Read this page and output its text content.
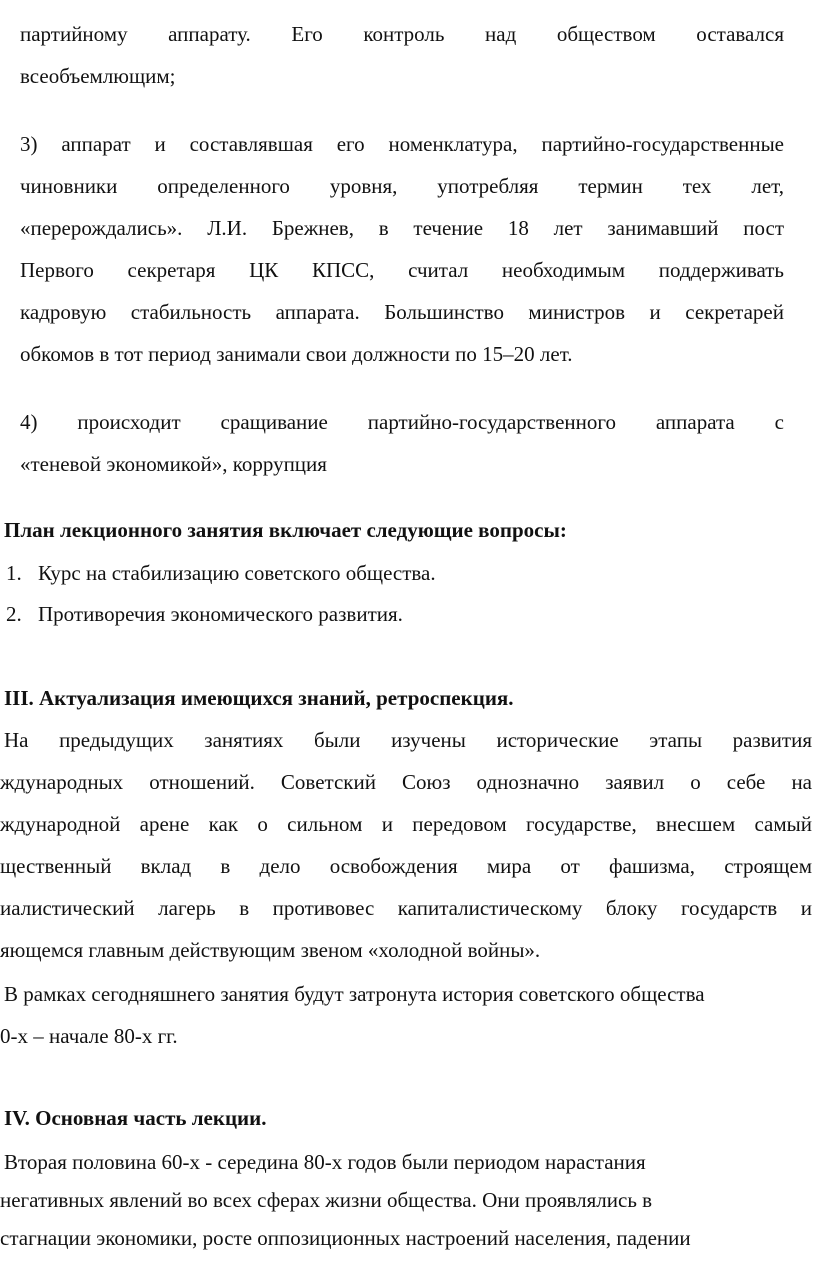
партийному аппарату. Его контроль над обществом оставался

всеобъемлющим;

3) аппарат и составлявшая его номенклатура, партийно-государственные

чиновники определенного уровня, употребляя термин тех лет,

«перерождались». Л.И. Брежнев, в течение 18 лет занимавший пост

Первого секретаря ЦК КПСС, считал необходимым поддерживать

кадровую стабильность аппарата. Большинство министров и секретарей

обкомов в тот период занимали свои должности по 15–20 лет.

4) происходит сращивание партийно-государственного аппарата с

«теневой экономикой», коррупция

План лекционного занятия включает следующие вопросы:

1. Курс на стабилизацию советского общества.

2. Противоречия экономического развития.

III. Актуализация имеющихся знаний, ретроспекция.

На предыдущих занятиях были изучены исторические этапы развития

ждународных отношений. Советский Союз однозначно заявил о себе на

ждународной арене как о сильном и передовом государстве, внесшем самый

щественный вклад в дело освобождения мира от фашизма, строящем

иалистический лагерь в противовес капиталистическому блоку государств и

яющемся главным действующим звеном «холодной войны».

В рамках сегодняшнего занятия будут затронута история советского общества

0-х – начале 80-х гг.

IV. Основная часть лекции.

Вторая половина 60-х - середина 80-х годов были периодом нарастания

негативных явлений во всех сферах жизни общества. Они проявлялись в

стагнации экономики, росте оппозиционных настроений населения, падении
